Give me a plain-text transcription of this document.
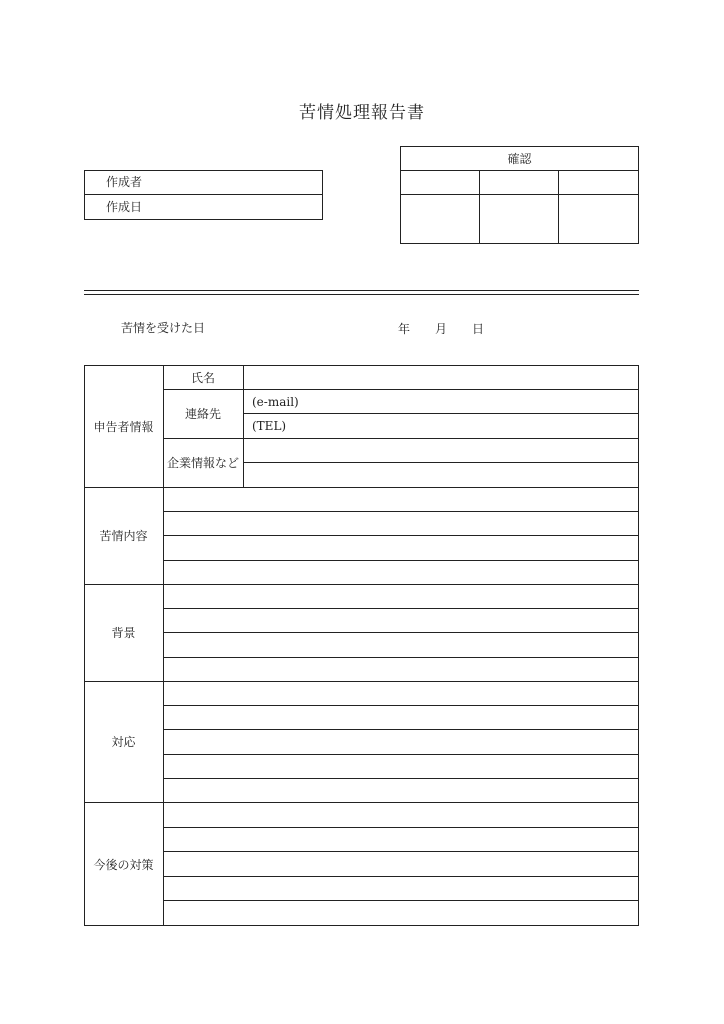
苦情処理報告書
作成者
作成日
確認
苦情を受けた日	年 月 日
申告者情報
氏名
連絡先
企業情報など
(e-mail)
(TEL)
苦情内容
背景
対応
今後の対策
